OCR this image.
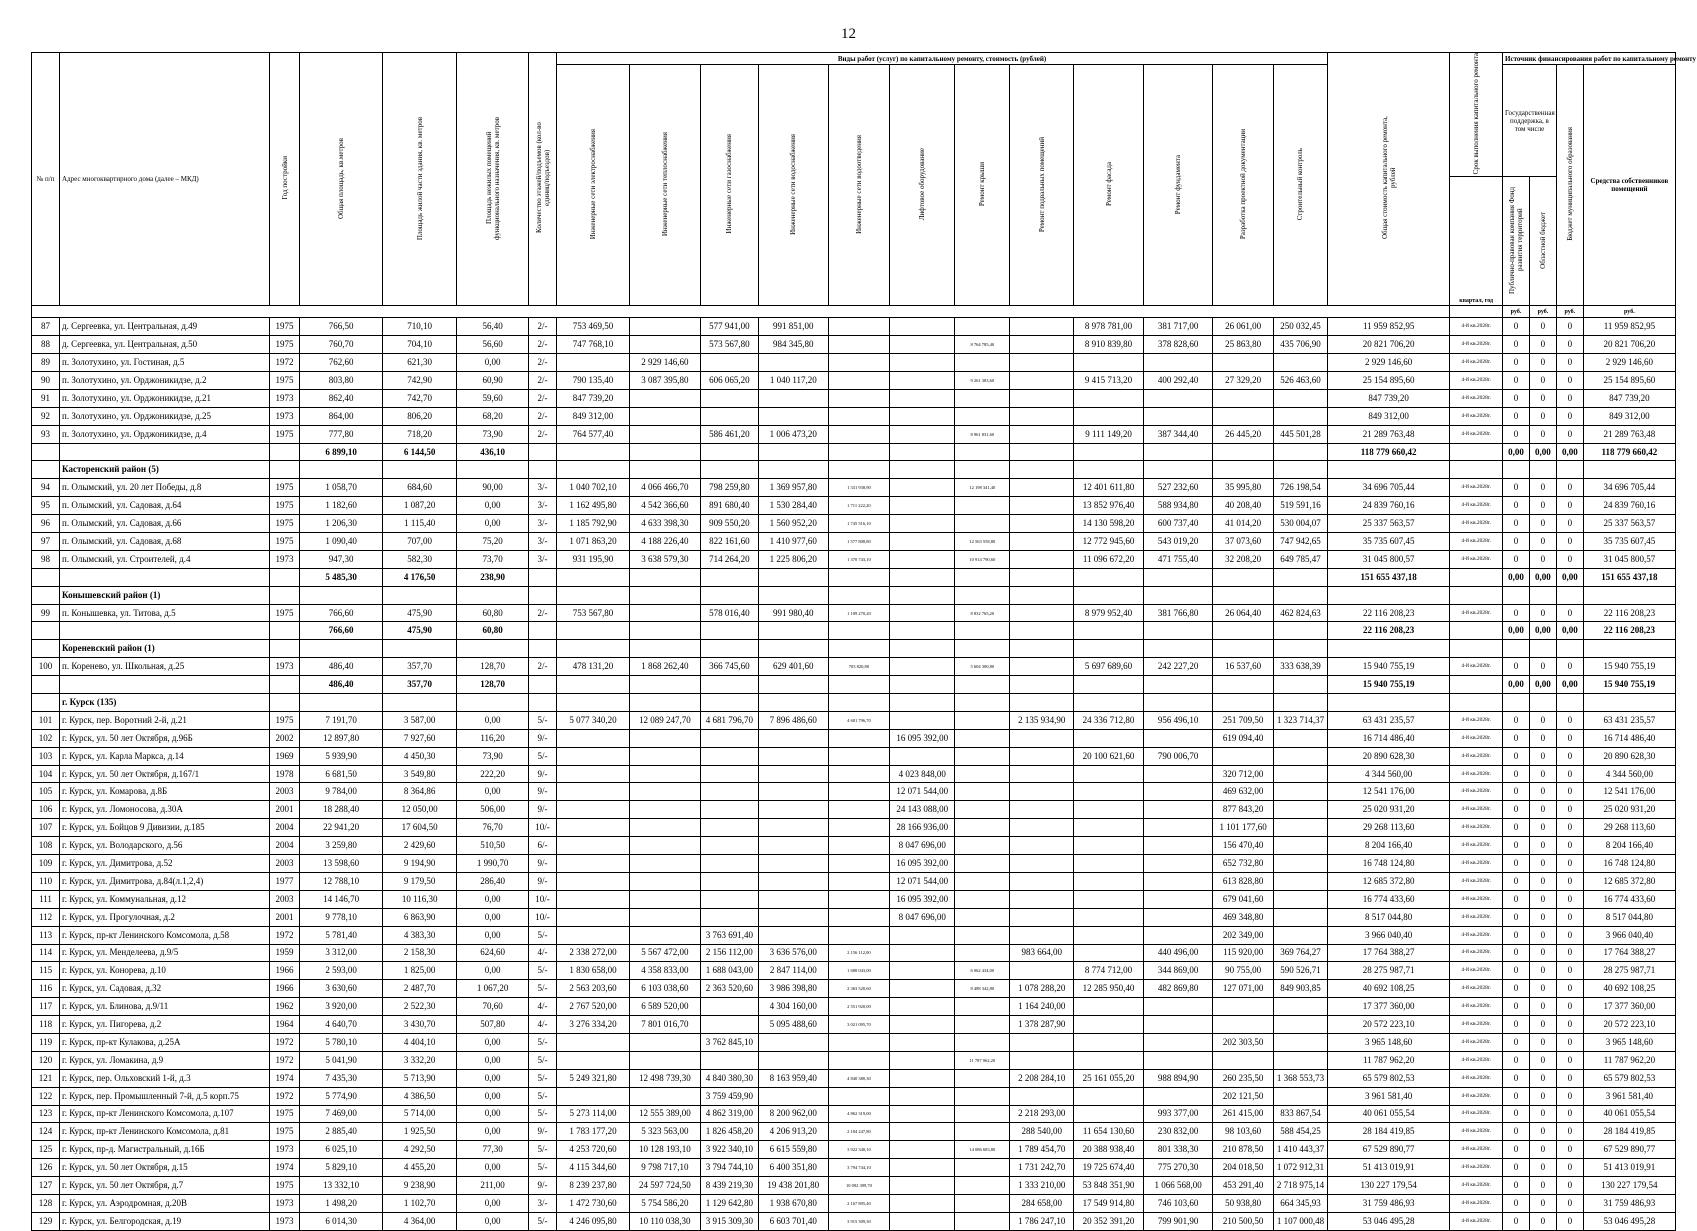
12
№ п/п	Адрес многоквартирного дома (далее – МКД)	Год постройки	Общая площадь, кв.метров	Площадь жилой части здания, кв. метров	Площадь нежилых помещений функционального назначения, кв. метров	Количество этажей/подъемов (кол-во единиц/подъездов)	Виды работ (услуг) по капитальному ремонту, стоимость (рублей)												Общая стоимость капитального ремонта, рублей	Срок выполнения капитального ремонта	Источник финансирования работ по капитальному ремонту			
							Инженерные сети электроснабжения	Инженерные сети теплоснабжения	Инженерные сети газоснабжения	Инженерные сети водоснабжения	Инженерные сети водоотведения	Лифтовое оборудование	Ремонт крыши	Ремонт подвальных помещений	Ремонт фасада	Ремонт фундамента	Разработка проектной документации	Строительный контроль			Государственная поддержка, в том числе		Бюджет муниципального образования	Средства собственников помещений
																				квартал, год	Публично-правовая компания Фонд развития территорий	Областной бюджет		
																					руб.	руб.	руб.	руб.
87	д. Сергеевка, ул. Центральная, д.49	1975	766,50	710,10	56,40	2/-	753 469,50		577 941,00	991 851,00					8 978 781,00	381 717,00	26 061,00	250 032,45	11 959 852,95	4-й кв.2028г.	0	0	0	11 959 852,95
88	д. Сергеевка, ул. Центральная, д.50	1975	760,70	704,10	56,60	2/-	747 768,10		573 567,80	984 345,80			8 764 785,40		8 910 839,80	378 828,60	25 863,80	435 706,90	20 821 706,20	4-й кв.2028г.	0	0	0	20 821 706,20
89	п. Золотухино, ул. Гостиная, д.5	1972	762,60	621,30	0,00	2/-		2 929 146,60											2 929 146,60	4-й кв.2028г.	0	0	0	2 929 146,60
90	п. Золотухино, ул. Орджоникидзе, д.2	1975	803,80	742,90	60,90	2/-	790 135,40	3 087 395,80	606 065,20	1 040 117,20			9 261 383,60		9 415 713,20	400 292,40	27 329,20	526 463,60	25 154 895,60	4-й кв.2028г.	0	0	0	25 154 895,60
91	п. Золотухино, ул. Орджоникидзе, д.21	1973	862,40	742,70	59,60	2/-	847 739,20												847 739,20	4-й кв.2028г.	0	0	0	847 739,20
92	п. Золотухино, ул. Орджоникидзе, д.25	1973	864,00	806,20	68,20	2/-	849 312,00												849 312,00	4-й кв.2028г.	0	0	0	849 312,00
93	п. Золотухино, ул. Орджоникидзе, д.4	1975	777,80	718,20	73,90	2/-	764 577,40		586 461,20	1 006 473,20			8 961 831,60		9 111 149,20	387 344,40	26 445,20	445 501,28	21 289 763,48	4-й кв.2028г.	0	0	0	21 289 763,48
			6 899,10	6 144,50	436,10														118 779 660,42		0,00	0,00	0,00	118 779 660,42
	Касторенский район (5)																							
94	п. Олымский, ул. 20 лет Победы, д.8	1975	1 058,70	684,60	90,00	3/-	1 040 702,10	4 066 466,70	798 259,80	1 369 957,80	1 331 938,90		12 198 341,40		12 401 611,80	527 232,60	35 995,80	726 198,54	34 696 705,44	4-й кв.2028г.	0	0	0	34 696 705,44
95	п. Олымский, ул. Садовая, д.64	1975	1 182,60	1 087,20	0,00	3/-	1 162 495,80	4 542 366,60	891 680,40	1 530 284,40	1 711 222,20				13 852 976,40	588 934,80	40 208,40	519 591,16	24 839 760,16	4-й кв.2028г.	0	0	0	24 839 760,16
96	п. Олымский, ул. Садовая, д.66	1975	1 206,30	1 115,40	0,00	3/-	1 185 792,90	4 633 398,30	909 550,20	1 560 952,20	1 745 516,10				14 130 598,20	600 737,40	41 014,20	530 004,07	25 337 563,57	4-й кв.2028г.	0	0	0	25 337 563,57
97	п. Олымский, ул. Садовая, д.68	1975	1 090,40	707,00	75,20	3/-	1 071 863,20	4 188 226,40	822 161,60	1 410 977,60	1 577 808,80		12 563 558,80		12 772 945,60	543 019,20	37 073,60	747 942,65	35 735 607,45	4-й кв.2028г.	0	0	0	35 735 607,45
98	п. Олымский, ул. Строителей, д.4	1973	947,30	582,30	73,70	3/-	931 195,90	3 638 579,30	714 264,20	1 225 806,20	1 370 743,10		10 914 790,60		11 096 672,20	471 755,40	32 208,20	649 785,47	31 045 800,57	4-й кв.2028г.	0	0	0	31 045 800,57
			5 485,30	4 176,50	238,90														151 655 437,18		0,00	0,00	0,00	151 655 437,18
	Конышевский район (1)																							
99	п. Конышевка, ул. Титова, д.5	1975	766,60	475,90	60,80	2/-	753 567,80		578 016,40	991 980,40	1 109 270,20		8 832 765,20		8 979 952,40	381 766,80	26 064,40	462 824,63	22 116 208,23	4-й кв.2028г.	0	0	0	22 116 208,23
			766,60	475,90	60,80														22 116 208,23		0,00	0,00	0,00	22 116 208,23
	Кореневский район (1)																							
100	п. Коренево, ул. Школьная, д.25	1973	486,40	357,70	128,70	2/-	478 131,20	1 868 262,40	366 745,60	629 401,60	703 820,80		5 604 300,80		5 697 689,60	242 227,20	16 537,60	333 638,39	15 940 755,19	4-й кв.2028г.	0	0	0	15 940 755,19
			486,40	357,70	128,70														15 940 755,19		0,00	0,00	0,00	15 940 755,19
	г. Курск (135)																							
101	г. Курск, пер. Воротний 2-й, д.21	1975	7 191,70	3 587,00	0,00	5/-	5 077 340,20	12 089 247,70	4 681 796,70	7 896 486,60	4 681 796,70			2 135 934,90	24 336 712,80	956 496,10	251 709,50	1 323 714,37	63 431 235,57	4-й кв.2028г.	0	0	0	63 431 235,57
102	г. Курск, ул. 50 лет Октября, д.96Б	2002	12 897,80	7 927,60	116,20	9/-						16 095 392,00					619 094,40		16 714 486,40	4-й кв.2028г.	0	0	0	16 714 486,40
103	г. Курск, ул. Карла Маркса, д.14	1969	5 939,90	4 450,30	73,90	5/-									20 100 621,60	790 006,70			20 890 628,30	4-й кв.2028г.	0	0	0	20 890 628,30
104	г. Курск, ул. 50 лет Октября, д.167/1	1978	6 681,50	3 549,80	222,20	9/-						4 023 848,00					320 712,00		4 344 560,00	4-й кв.2028г.	0	0	0	4 344 560,00
105	г. Курск, ул. Комарова, д.8Б	2003	9 784,00	8 364,86	0,00	9/-						12 071 544,00					469 632,00		12 541 176,00	4-й кв.2028г.	0	0	0	12 541 176,00
106	г. Курск, ул. Ломоносова, д.30А	2001	18 288,40	12 050,00	506,00	9/-						24 143 088,00					877 843,20		25 020 931,20	4-й кв.2028г.	0	0	0	25 020 931,20
107	г. Курск, ул. Бойцов 9 Дивизии, д.185	2004	22 941,20	17 604,50	76,70	10/-						28 166 936,00					1 101 177,60		29 268 113,60	4-й кв.2028г.	0	0	0	29 268 113,60
108	г. Курск, ул. Володарского, д.56	2004	3 259,80	2 429,60	510,50	6/-						8 047 696,00					156 470,40		8 204 166,40	4-й кв.2028г.	0	0	0	8 204 166,40
109	г. Курск, ул. Димитрова, д.52	2003	13 598,60	9 194,90	1 990,70	9/-						16 095 392,00					652 732,80		16 748 124,80	4-й кв.2028г.	0	0	0	16 748 124,80
110	г. Курск, ул. Димитрова, д.84(л.1,2,4)	1977	12 788,10	9 179,50	286,40	9/-						12 071 544,00					613 828,80		12 685 372,80	4-й кв.2028г.	0	0	0	12 685 372,80
111	г. Курск, ул. Коммунальная, д.12	2003	14 146,70	10 116,30	0,00	10/-						16 095 392,00					679 041,60		16 774 433,60	4-й кв.2028г.	0	0	0	16 774 433,60
112	г. Курск, ул. Прогулочная, д.2	2001	9 778,10	6 863,90	0,00	10/-						8 047 696,00					469 348,80		8 517 044,80	4-й кв.2028г.	0	0	0	8 517 044,80
113	г. Курск, пр-кт Ленинского Комсомола, д.58	1972	5 781,40	4 383,30	0,00	5/-			3 763 691,40								202 349,00		3 966 040,40	4-й кв.2028г.	0	0	0	3 966 040,40
114	г. Курск, ул. Менделеева, д.9/5	1959	3 312,00	2 158,30	624,60	4/-	2 338 272,00	5 567 472,00	2 156 112,00	3 636 576,00	2 156 112,00			983 664,00		440 496,00	115 920,00	369 764,27	17 764 388,27	4-й кв.2028г.	0	0	0	17 764 388,27
115	г. Курск, ул. Конорева, д.10	1966	2 593,00	1 825,00	0,00	5/-	1 830 658,00	4 358 833,00	1 688 043,00	2 847 114,00	1 688 043,00		6 062 434,00		8 774 712,00	344 869,00	90 755,00	590 526,71	28 275 987,71	4-й кв.2028г.	0	0	0	28 275 987,71
116	г. Курск, ул. Садовая, д.32	1966	3 630,60	2 487,70	1 067,20	5/-	2 563 203,60	6 103 038,60	2 363 520,60	3 986 398,80	2 363 520,60		8 488 342,80	1 078 288,20	12 285 950,40	482 869,80	127 071,00	849 903,85	40 692 108,25	4-й кв.2028г.	0	0	0	40 692 108,25
117	г. Курск, ул. Блинова, д.9/11	1962	3 920,00	2 522,30	70,60	4/-	2 767 520,00	6 589 520,00		4 304 160,00	2 551 920,00			1 164 240,00					17 377 360,00	4-й кв.2028г.	0	0	0	17 377 360,00
118	г. Курск, ул. Пигорева, д.2	1964	4 640,70	3 430,70	507,80	4/-	3 276 334,20	7 801 016,70		5 095 488,60	3 021 095,70			1 378 287,90					20 572 223,10	4-й кв.2028г.	0	0	0	20 572 223,10
119	г. Курск, пр-кт Кулакова, д.25А	1972	5 780,10	4 404,10	0,00	5/-			3 762 845,10								202 303,50		3 965 148,60	4-й кв.2028г.	0	0	0	3 965 148,60
120	г. Курск, ул. Ломакина, д.9	1972	5 041,90	3 332,20	0,00	5/-							11 787 962,20						11 787 962,20	4-й кв.2028г.	0	0	0	11 787 962,20
121	г. Курск, пер. Ольховский 1-й, д.3	1974	7 435,30	5 713,90	0,00	5/-	5 249 321,80	12 498 739,30	4 840 380,30	8 163 959,40	4 840 380,30			2 208 284,10	25 161 055,20	988 894,90	260 235,50	1 368 553,73	65 579 802,53	4-й кв.2028г.	0	0	0	65 579 802,53
122	г. Курск, пер. Промышленный 7-й, д.5 корп.75	1972	5 774,90	4 386,50	0,00	5/-			3 759 459,90								202 121,50		3 961 581,40	4-й кв.2028г.	0	0	0	3 961 581,40
123	г. Курск, пр-кт Ленинского Комсомола, д.107	1975	7 469,00	5 714,00	0,00	5/-	5 273 114,00	12 555 389,00	4 862 319,00	8 200 962,00	4 862 319,00			2 218 293,00		993 377,00	261 415,00	833 867,54	40 061 055,54	4-й кв.2028г.	0	0	0	40 061 055,54
124	г. Курск, пр-кт Ленинского Комсомола, д.81	1975	2 885,40	1 925,50	0,00	9/-	1 783 177,20	5 323 563,00	1 826 458,20	4 206 913,20	2 184 247,80			288 540,00	11 654 130,60	230 832,00	98 103,60	588 454,25	28 184 419,85	4-й кв.2028г.	0	0	0	28 184 419,85
125	г. Курск, пр-д. Магистральный, д.16Б	1973	6 025,10	4 292,50	77,30	5/-	4 253 720,60	10 128 193,10	3 922 340,10	6 615 559,80	3 922 340,10		14 086 683,80	1 789 454,70	20 388 938,40	801 338,30	210 878,50	1 410 443,37	67 529 890,77	4-й кв.2028г.	0	0	0	67 529 890,77
126	г. Курск, ул. 50 лет Октября, д.15	1974	5 829,10	4 455,20	0,00	5/-	4 115 344,60	9 798 717,10	3 794 744,10	6 400 351,80	3 794 744,10			1 731 242,70	19 725 674,40	775 270,30	204 018,50	1 072 912,31	51 413 019,91	4-й кв.2028г.	0	0	0	51 413 019,91
127	г. Курск, ул. 50 лет Октября, д.7	1975	13 332,10	9 238,90	211,00	9/-	8 239 237,80	24 597 724,50	8 439 219,30	19 438 201,80	10 092 399,70			1 333 210,00	53 848 351,90	1 066 568,00	453 291,40	2 718 975,14	130 227 179,54	4-й кв.2028г.	0	0	0	130 227 179,54
128	г. Курск, ул. Аэродромная, д.20В	1973	1 498,20	1 102,70	0,00	3/-	1 472 730,60	5 754 586,20	1 129 642,80	1 938 670,80	2 167 895,40			284 658,00	17 549 914,80	746 103,60	50 938,80	664 345,93	31 759 486,93	4-й кв.2028г.	0	0	0	31 759 486,93
129	г. Курск, ул. Белгородская, д.19	1973	6 014,30	4 364,00	0,00	5/-	4 246 095,80	10 110 038,30	3 915 309,30	6 603 701,40	3 915 309,30			1 786 247,10	20 352 391,20	799 901,90	210 500,50	1 107 000,48	53 046 495,28	4-й кв.2028г.	0	0	0	53 046 495,28
